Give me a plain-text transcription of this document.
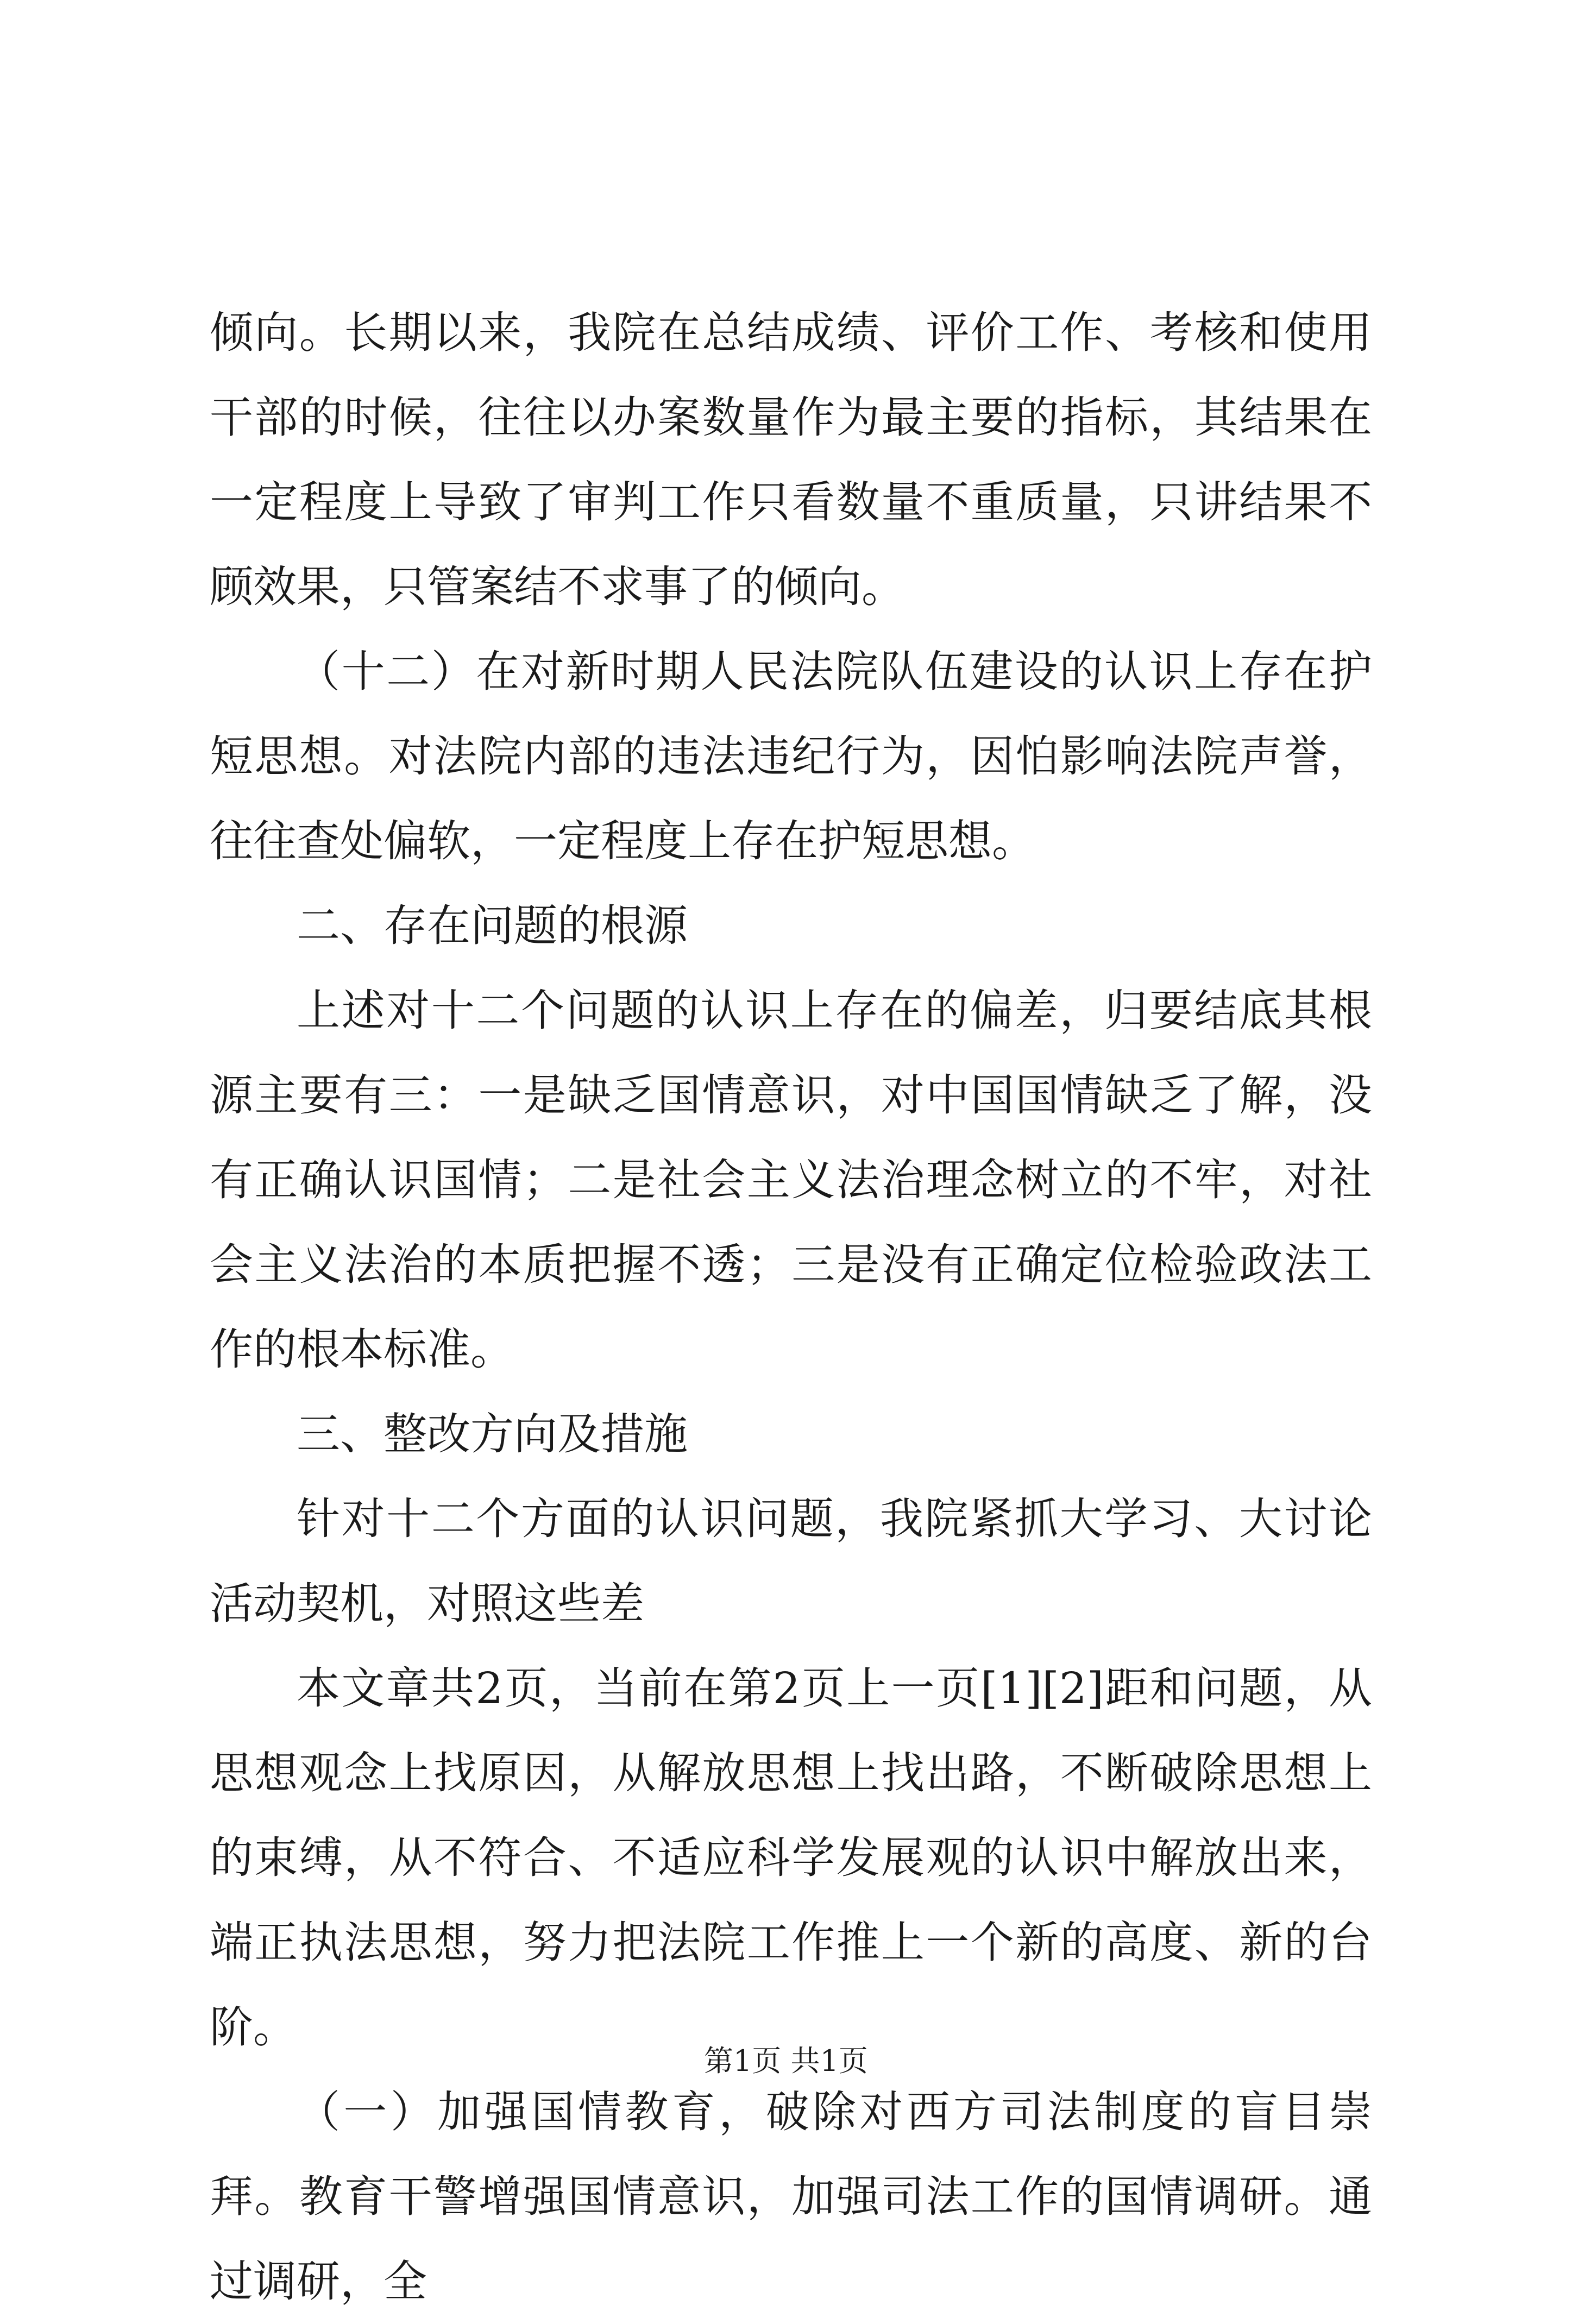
倾向。长期以来，我院在总结成绩、评价工作、考核和使用干部的时候，往往以办案数量作为最主要的指标，其结果在一定程度上导致了审判工作只看数量不重质量，只讲结果不顾效果，只管案结不求事了的倾向。

（十二）在对新时期人民法院队伍建设的认识上存在护短思想。对法院内部的违法违纪行为，因怕影响法院声誉，往往查处偏软，一定程度上存在护短思想。

二、存在问题的根源

上述对十二个问题的认识上存在的偏差，归要结底其根源主要有三：一是缺乏国情意识，对中国国情缺乏了解，没有正确认识国情；二是社会主义法治理念树立的不牢，对社会主义法治的本质把握不透；三是没有正确定位检验政法工作的根本标准。

三、整改方向及措施

针对十二个方面的认识问题，我院紧抓大学习、大讨论活动契机，对照这些差

本文章共2页，当前在第2页上一页[1][2]距和问题，从思想观念上找原因，从解放思想上找出路，不断破除思想上的束缚，从不符合、不适应科学发展观的认识中解放出来，端正执法思想，努力把法院工作推上一个新的高度、新的台阶。

（一）加强国情教育，破除对西方司法制度的盲目崇拜。教育干警增强国情意识，加强司法工作的国情调研。通过调研，全

第1页 共1页
